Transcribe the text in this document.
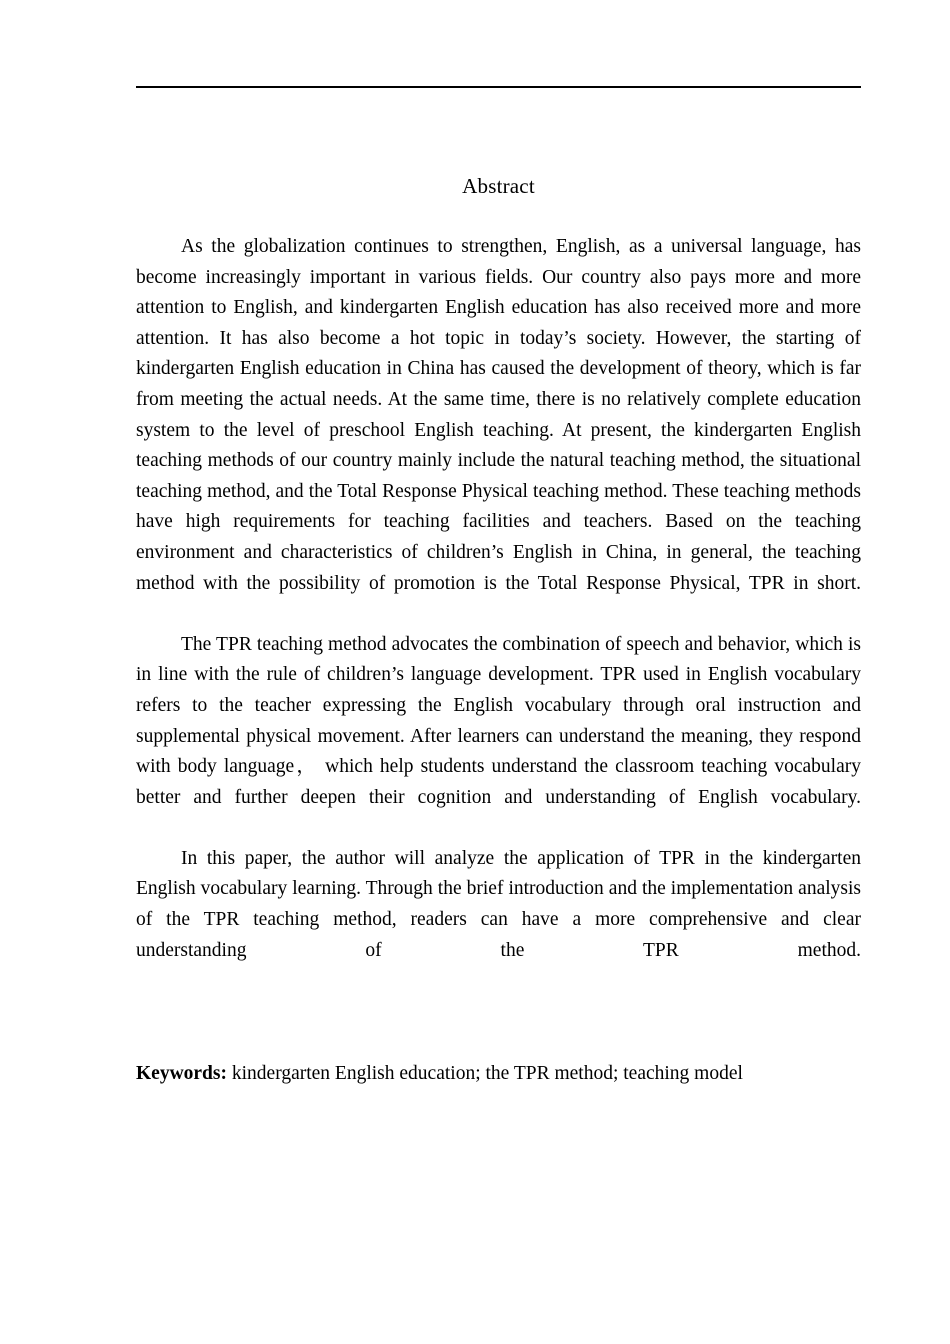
Abstract

As the globalization continues to strengthen, English, as a universal language, has become increasingly important in various fields. Our country also pays more and more attention to English, and kindergarten English education has also received more and more attention. It has also become a hot topic in today’s society. However, the starting of kindergarten English education in China has caused the development of theory, which is far from meeting the actual needs. At the same time, there is no relatively complete education system to the level of preschool English teaching. At present, the kindergarten English teaching methods of our country mainly include the natural teaching method, the situational teaching method, and the Total Response Physical teaching method. These teaching methods have high requirements for teaching facilities and teachers. Based on the teaching environment and characteristics of children’s English in China, in general, the teaching method with the possibility of promotion is the Total Response Physical, TPR in short.

The TPR teaching method advocates the combination of speech and behavior, which is in line with the rule of children’s language development. TPR used in English vocabulary refers to the teacher expressing the English vocabulary through oral instruction and supplemental physical movement. After learners can understand the meaning, they respond with body language， which help students understand the classroom teaching vocabulary better and further deepen their cognition and understanding of English vocabulary.

In this paper, the author will analyze the application of TPR in the kindergarten English vocabulary learning. Through the brief introduction and the implementation analysis of the TPR teaching method, readers can have a more comprehensive and clear understanding of the TPR method.

Keywords: kindergarten English education; the TPR method; teaching model
